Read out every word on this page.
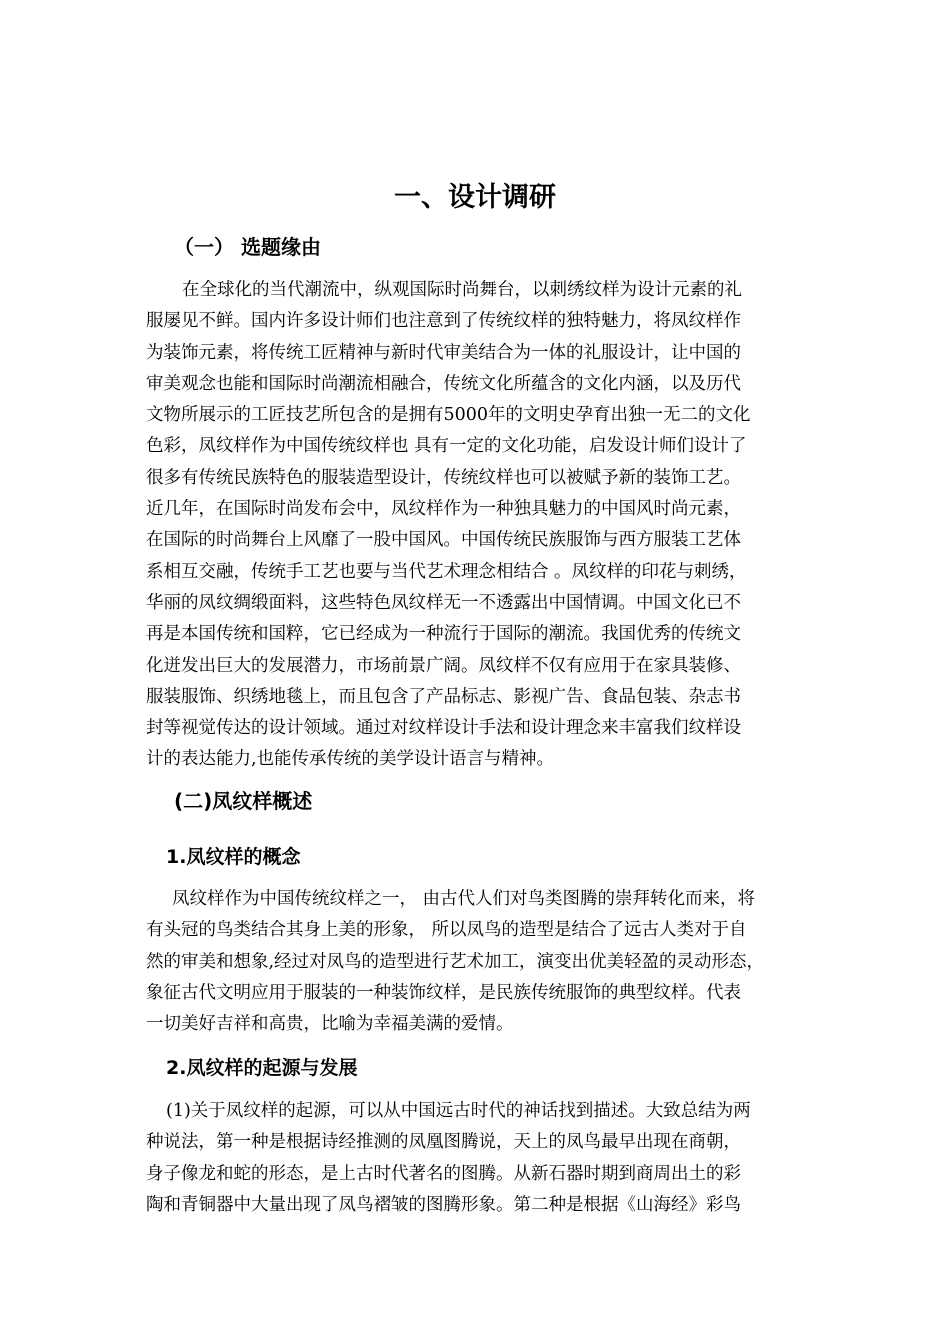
一、设计调研
（一） 选题缘由
在全球化的当代潮流中，纵观国际时尚舞台，以刺绣纹样为设计元素的礼
服屡见不鲜。国内许多设计师们也注意到了传统纹样的独特魅力，将凤纹样作
为装饰元素，将传统工匠精神与新时代审美结合为一体的礼服设计，让中国的
审美观念也能和国际时尚潮流相融合，传统文化所蕴含的文化内涵，以及历代
文物所展示的工匠技艺所包含的是拥有5000年的文明史孕育出独一无二的文化
色彩，凤纹样作为中国传统纹样也 具有一定的文化功能，启发设计师们设计了
很多有传统民族特色的服装造型设计，传统纹样也可以被赋予新的装饰工艺。
近几年，在国际时尚发布会中，凤纹样作为一种独具魅力的中国风时尚元素，
在国际的时尚舞台上风靡了一股中国风。中国传统民族服饰与西方服装工艺体
系相互交融，传统手工艺也要与当代艺术理念相结合 。凤纹样的印花与刺绣，
华丽的凤纹绸缎面料，这些特色凤纹样无一不透露出中国情调。中国文化已不
再是本国传统和国粹，它已经成为一种流行于国际的潮流。我国优秀的传统文
化迸发出巨大的发展潜力，市场前景广阔。凤纹样不仅有应用于在家具装修、
服装服饰、织绣地毯上，而且包含了产品标志、影视广告、食品包装、杂志书
封等视觉传达的设计领域。通过对纹样设计手法和设计理念来丰富我们纹样设
计的表达能力,也能传承传统的美学设计语言与精神。
(二)凤纹样概述
1.凤纹样的概念
凤纹样作为中国传统纹样之一， 由古代人们对鸟类图腾的崇拜转化而来，将
有头冠的鸟类结合其身上美的形象， 所以凤鸟的造型是结合了远古人类对于自
然的审美和想象,经过对凤鸟的造型进行艺术加工，演变出优美轻盈的灵动形态，
象征古代文明应用于服装的一种装饰纹样，是民族传统服饰的典型纹样。代表
一切美好吉祥和高贵，比喻为幸福美满的爱情。
2.凤纹样的起源与发展
(1)关于凤纹样的起源，可以从中国远古时代的神话找到描述。大致总结为两
种说法，第一种是根据诗经推测的凤凰图腾说，天上的凤鸟最早出现在商朝，
身子像龙和蛇的形态，是上古时代著名的图腾。从新石器时期到商周出土的彩
陶和青铜器中大量出现了凤鸟褶皱的图腾形象。第二种是根据《山海经》彩鸟
